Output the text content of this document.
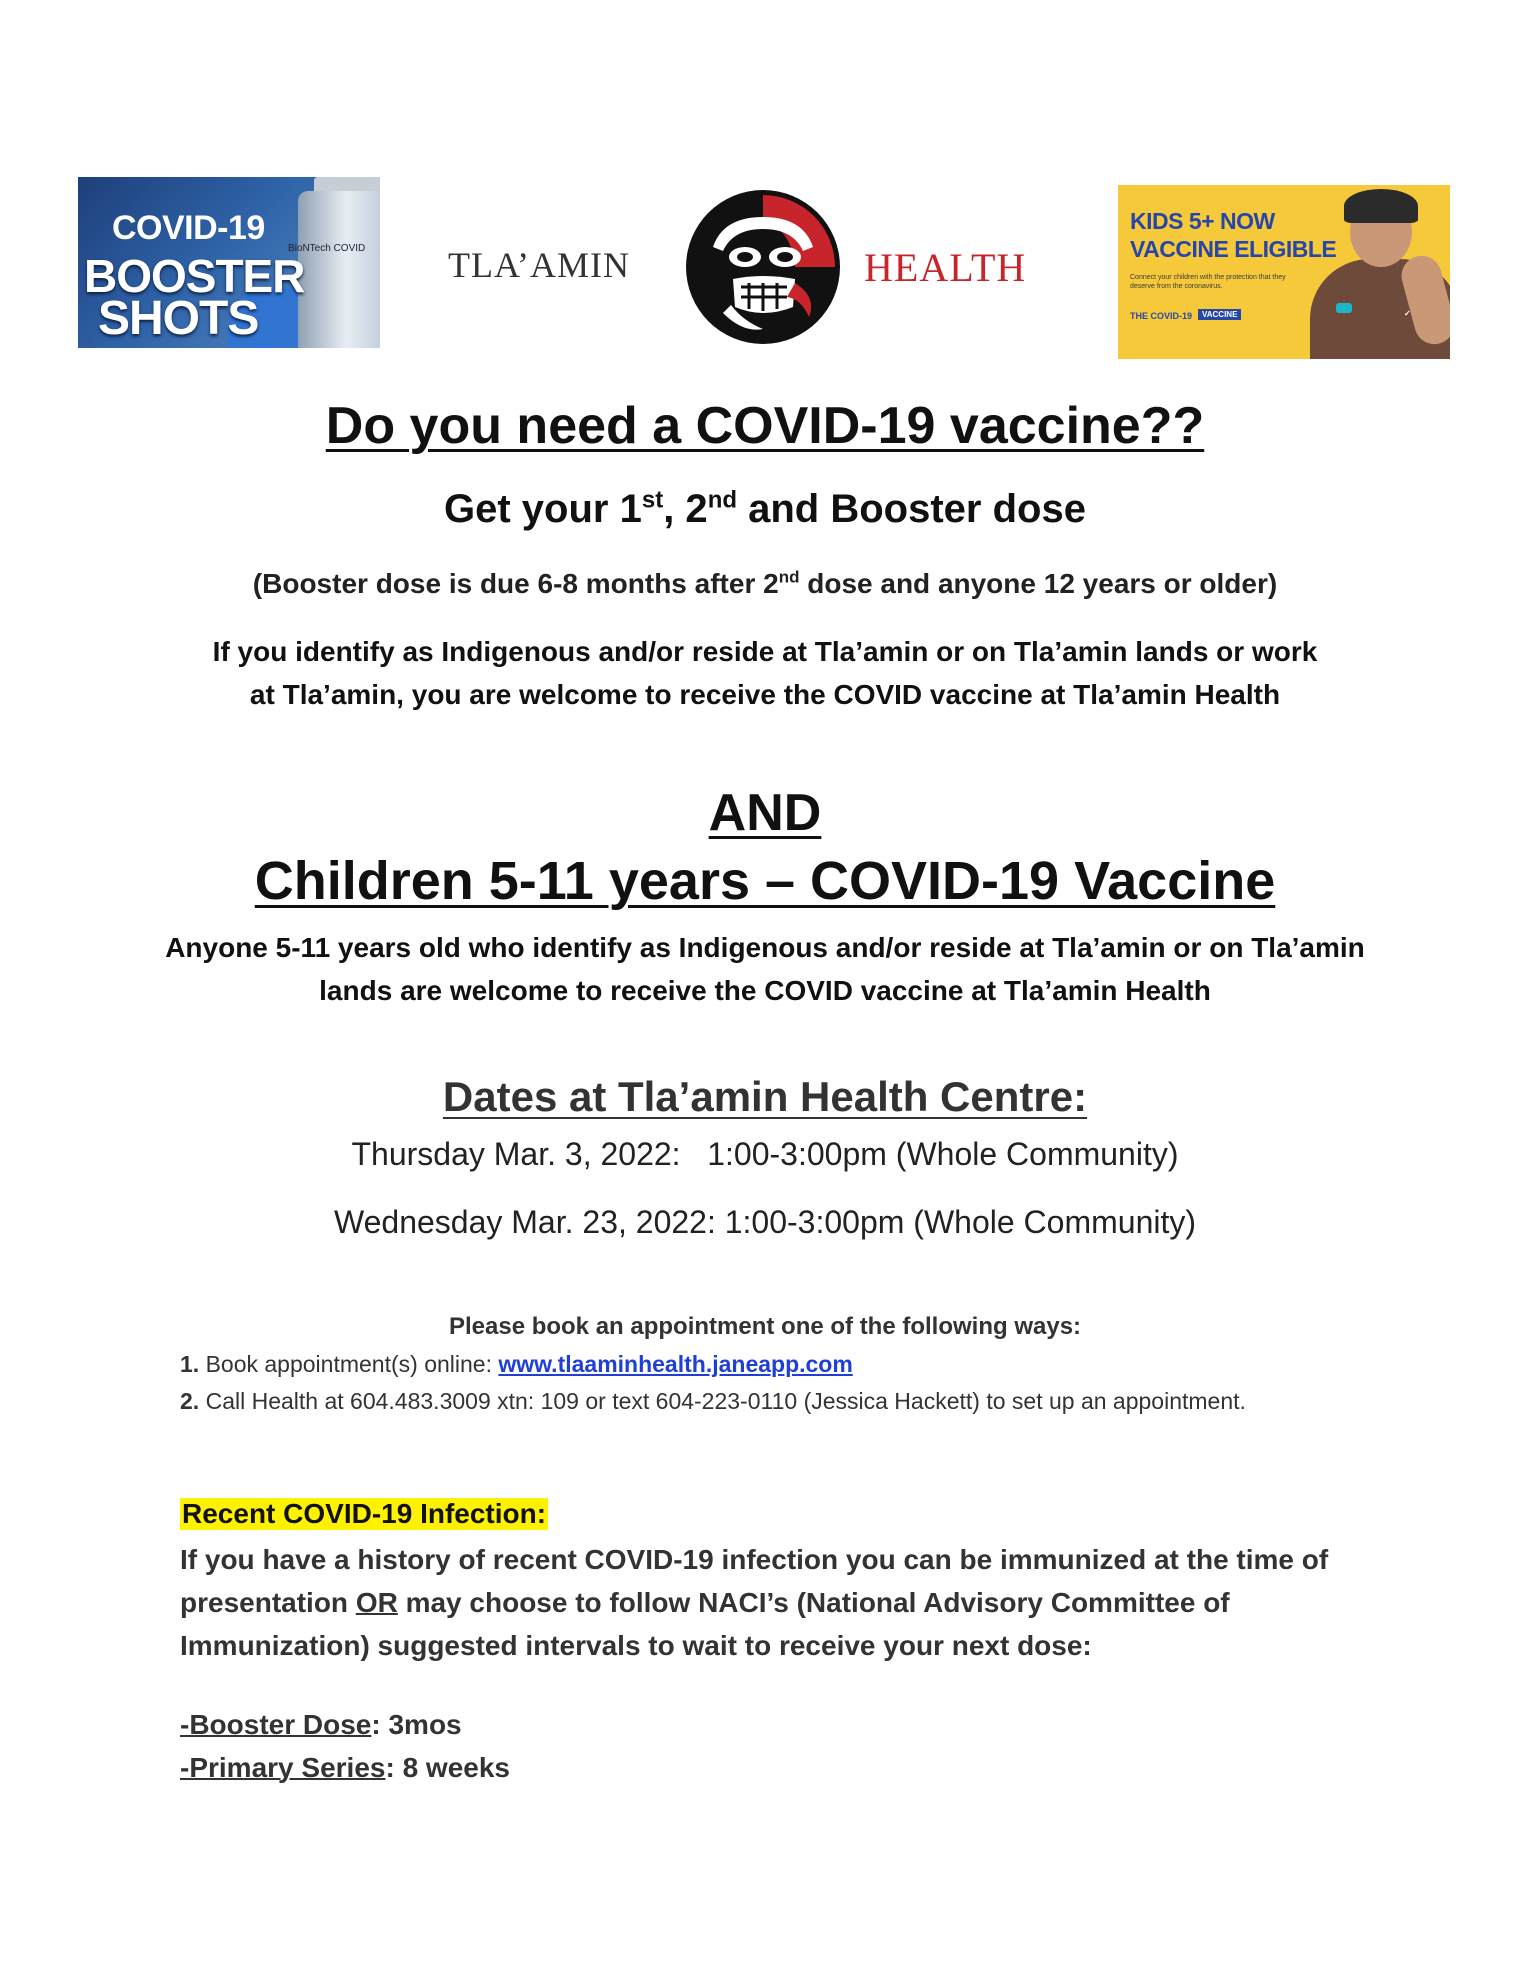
BioNTech COVID
COVID-19
BOOSTER
SHOTS
TLA’AMIN	HEALTH
KIDS 5+ NOW
VACCINE ELIGIBLE
Connect your children with the protection that they deserve from the coronavirus.
THE COVID-19	VACCINE	✓
Do you need a COVID-19 vaccine??
Get your 1st, 2nd and Booster dose
(Booster dose is due 6-8 months after 2nd dose and anyone 12 years or older)
If you identify as Indigenous and/or reside at Tla’amin or on Tla’amin lands or work at Tla’amin, you are welcome to receive the COVID vaccine at Tla’amin Health
AND
Children 5-11 years – COVID-19 Vaccine
Anyone 5-11 years old who identify as Indigenous and/or reside at Tla’amin or on Tla’amin lands are welcome to receive the COVID vaccine at Tla’amin Health
Dates at Tla’amin Health Centre:
Thursday Mar. 3, 2022:   1:00-3:00pm (Whole Community)
Wednesday Mar. 23, 2022: 1:00-3:00pm (Whole Community)
Please book an appointment one of the following ways:
1. Book appointment(s) online: www.tlaaminhealth.janeapp.com
2. Call Health at 604.483.3009 xtn: 109 or text 604-223-0110 (Jessica Hackett) to set up an appointment.
Recent COVID-19 Infection:
If you have a history of recent COVID-19 infection you can be immunized at the time of presentation OR may choose to follow NACI’s (National Advisory Committee of Immunization) suggested intervals to wait to receive your next dose:
-Booster Dose: 3mos
-Primary Series: 8 weeks
